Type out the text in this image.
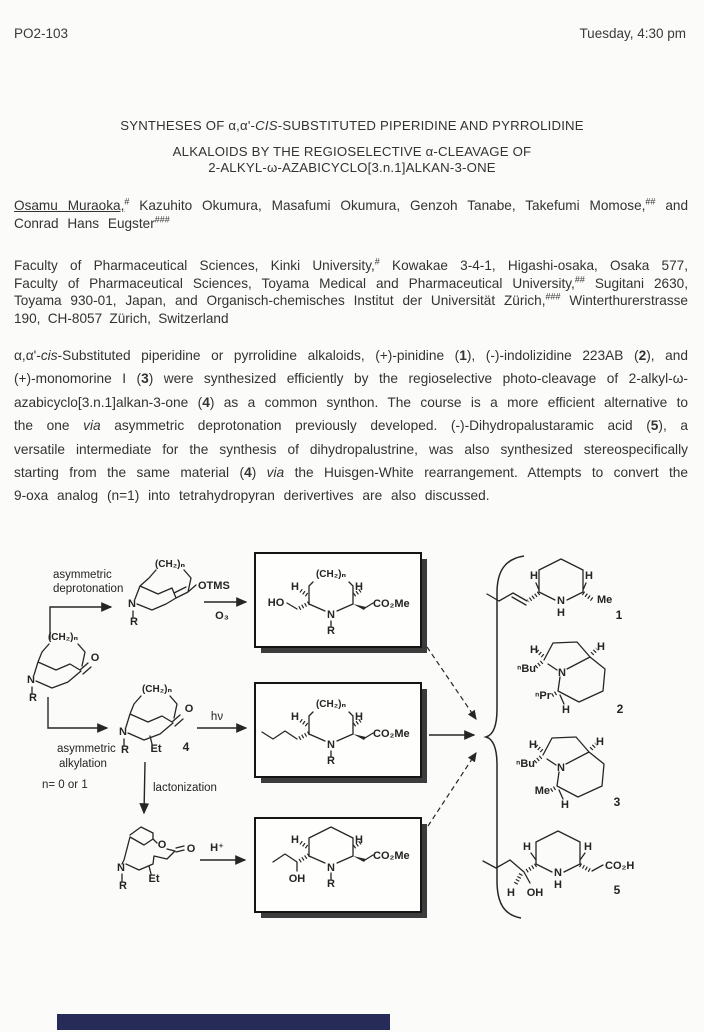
PO2-103	Tuesday, 4:30 pm
SYNTHESES OF α,α'-CIS-SUBSTITUTED PIPERIDINE AND PYRROLIDINE
ALKALOIDS BY THE REGIOSELECTIVE α-CLEAVAGE OF
2-ALKYL-ω-AZABICYCLO[3.n.1]ALKAN-3-ONE
Osamu Muraoka,# Kazuhito Okumura, Masafumi Okumura, Genzoh Tanabe, Takefumi Momose,## and Conrad Hans Eugster###
Faculty of Pharmaceutical Sciences, Kinki University,# Kowakae 3-4-1, Higashi-osaka, Osaka 577, Faculty of Pharmaceutical Sciences, Toyama Medical and Pharmaceutical University,## Sugitani 2630, Toyama 930-01, Japan, and Organisch-chemisches Institut der Universität Zürich,### Winterthurerstrasse 190, CH-8057 Zürich, Switzerland
α,α'-cis-Substituted piperidine or pyrrolidine alkaloids, (+)-pinidine (1), (-)-indolizidine 223AB (2), and (+)-monomorine I (3) were synthesized efficiently by the regioselective photo-cleavage of 2-alkyl-ω-azabicyclo[3.n.1]alkan-3-one (4) as a common synthon. The course is a more efficient alternative to the one via asymmetric deprotonation previously developed. (-)-Dihydropalustaramic acid (5), a versatile intermediate for the synthesis of dihydropalustrine, was also synthesized stereospecifically starting from the same material (4) via the Huisgen-White rearrangement. Attempts to convert the 9-oxa analog (n=1) into tetrahydropyran derivertives are also discussed.
asymmetric
deprotonation
(CH₂)ₙ
O
N
R
(CH₂)ₙ
OTMS
N
R	O₃
(CH₂)ₙ
H	H
HO	CO₂Me
N
R
(CH₂)ₙ
O
N
R Et 4
asymmetric
alkylation
n= 0 or 1
hν
lactonization
(CH₂)ₙ
H	H
CO₂Me
N
R
O O
N
R
Et
H⁺
H	H
CO₂Me
OH
N
R
H	H
N
H
Me
1
H	H
N
ⁿBu
ⁿPr
H	2
H	H
N
ⁿBu
Me
H	3
H	H
N
H
CO₂H
OH
H	5
